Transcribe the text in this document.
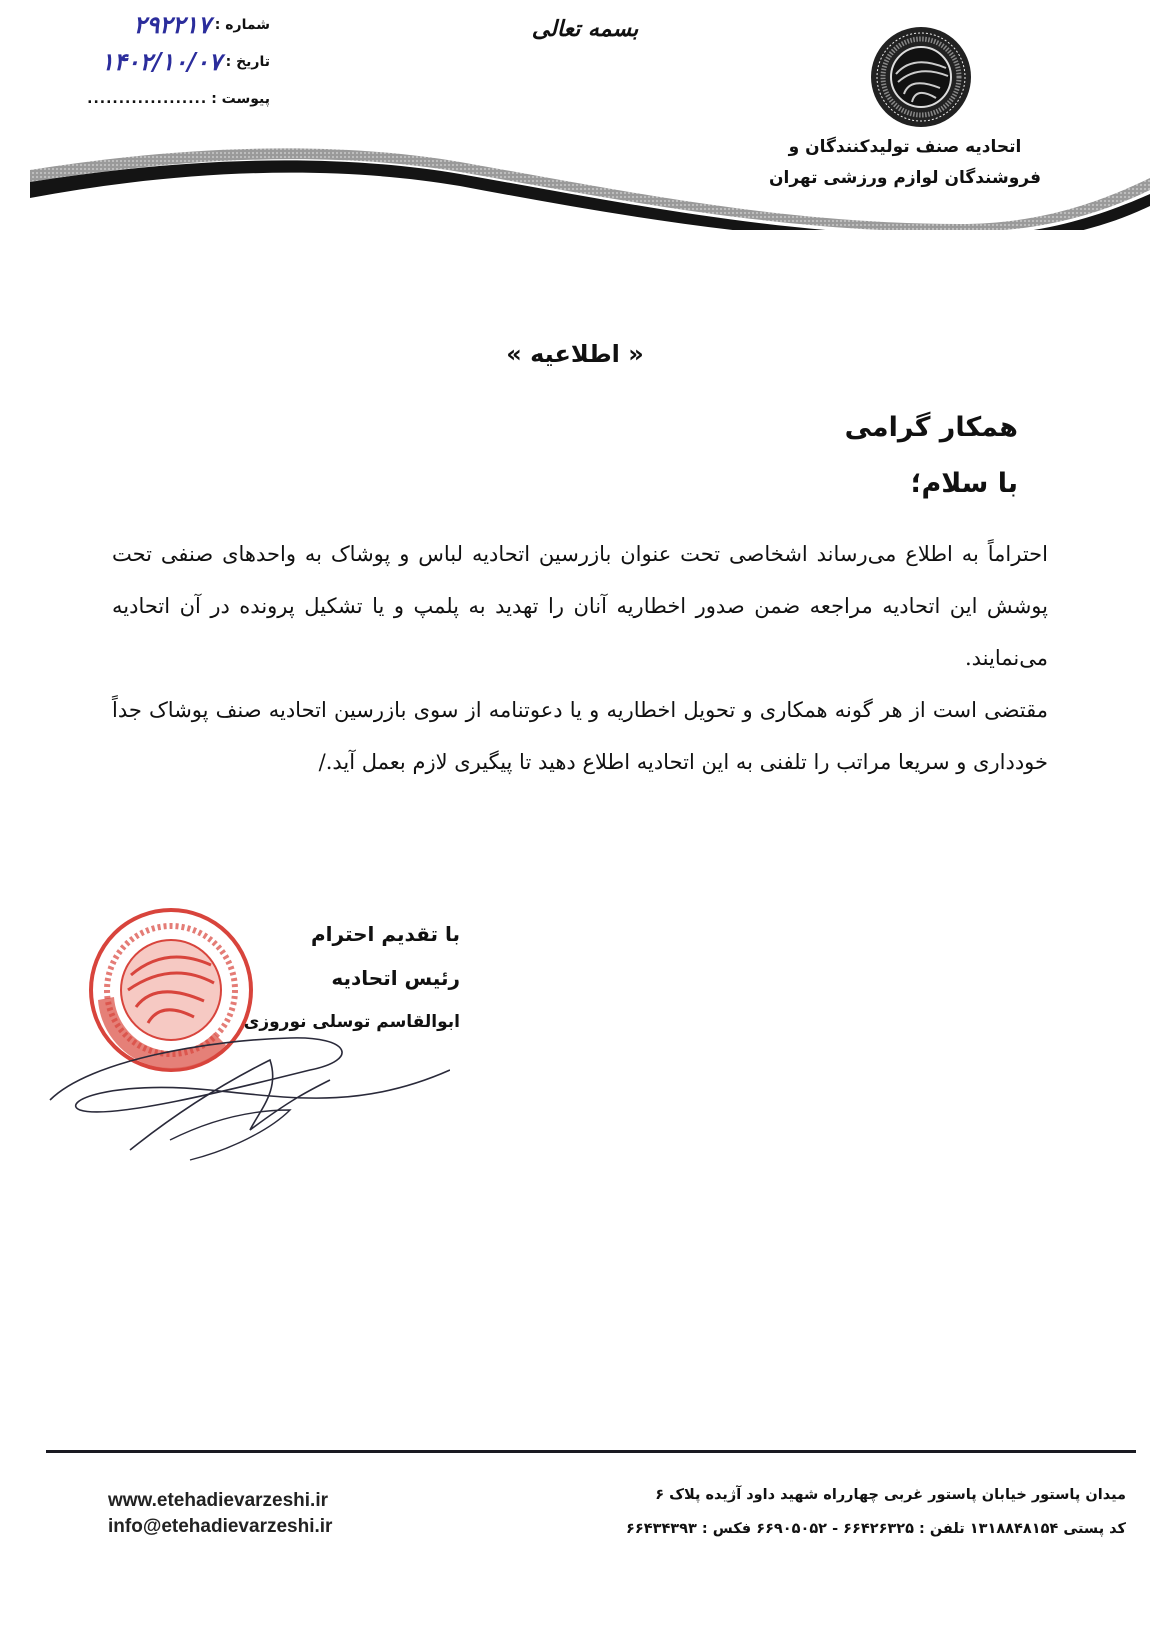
شماره :
۲۹۲۲۱۷
تاریخ :
۱۴۰۲/۱۰/۰۷
پیوست :
...................
بسمه تعالی
اتحادیه صنف تولیدکنندگان و
فروشندگان لوازم ورزشی تهران
« اطلاعیه »
همکار گرامی
با سلام؛

احتراماً به اطلاع می‌رساند اشخاصی تحت عنوان بازرسین اتحادیه لباس و پوشاک به واحدهای صنفی تحت پوشش این اتحادیه مراجعه ضمن صدور اخطاریه آنان را تهدید به پلمپ و یا تشکیل پرونده در آن اتحادیه می‌نمایند.

مقتضی است از هر گونه همکاری و تحویل اخطاریه و یا دعوتنامه از سوی بازرسین اتحادیه صنف پوشاک جداً خودداری و سریعا مراتب را تلفنی به این اتحادیه اطلاع دهید تا پیگیری لازم بعمل آید./

با تقدیم احترام
رئیس اتحادیه
ابوالقاسم توسلی نوروزی
میدان پاستور خیابان پاستور غربی چهارراه شهید داود آژیده پلاک ۶
کد پستی ۱۳۱۸۸۴۸۱۵۴ تلفن : ۶۶۴۲۶۳۲۵ - ۶۶۹۰۵۰۵۲ فکس : ۶۶۴۳۴۳۹۳
www.etehadievarzeshi.ir
info@etehadievarzeshi.ir
